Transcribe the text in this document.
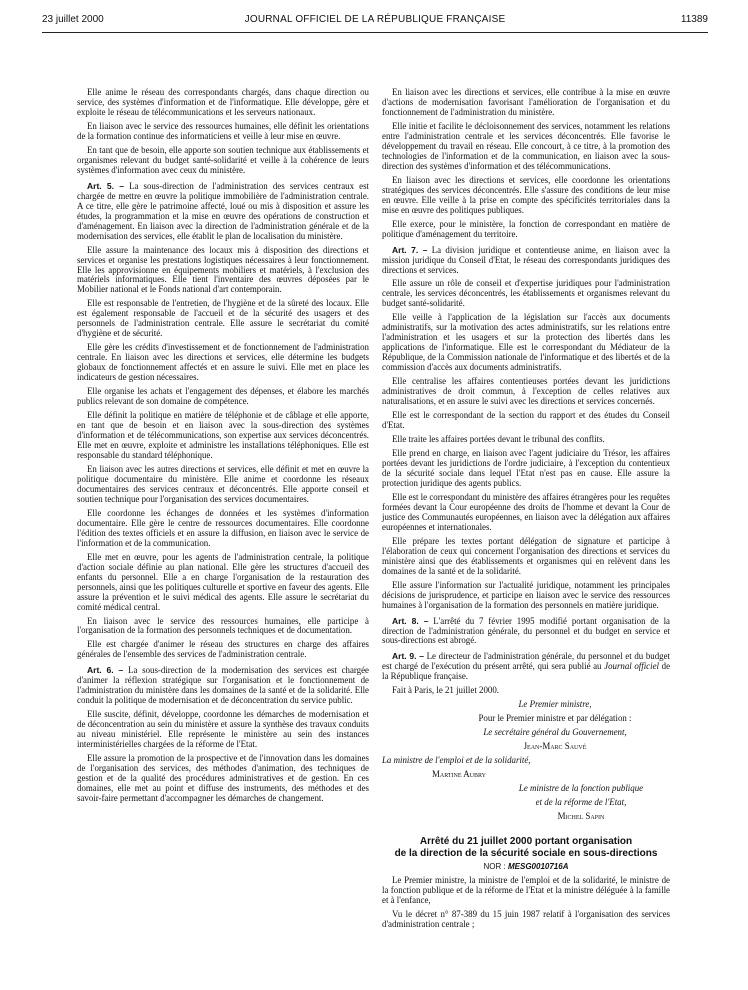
23 juillet 2000	JOURNAL OFFICIEL DE LA RÉPUBLIQUE FRANÇAISE	11389

Elle anime le réseau des correspondants chargés, dans chaque direction ou service, des systèmes d'information et de l'informatique. Elle développe, gère et exploite le réseau de télécommunications et les serveurs nationaux.

En liaison avec le service des ressources humaines, elle définit les orientations de la formation continue des informaticiens et veille à leur mise en œuvre.

En tant que de besoin, elle apporte son soutien technique aux établissements et organismes relevant du budget santé-solidarité et veille à la cohérence de leurs systèmes d'information avec ceux du ministère.

Art. 5. – La sous-direction de l'administration des services centraux est chargée de mettre en œuvre la politique immobilière de l'administration centrale. A ce titre, elle gère le patrimoine affecté, loué ou mis à disposition et assure les études, la programmation et la mise en œuvre des opérations de construction et d'aménagement. En liaison avec la direction de l'administration générale et de la modernisation des services, elle établit le plan de localisation du ministère.

Elle assure la maintenance des locaux mis à disposition des directions et services et organise les prestations logistiques nécessaires à leur fonctionnement. Elle les approvisionne en équipements mobiliers et matériels, à l'exclusion des matériels informatiques. Elle tient l'inventaire des œuvres déposées par le Mobilier national et le Fonds national d'art contemporain.

Elle est responsable de l'entretien, de l'hygiène et de la sûreté des locaux. Elle est également responsable de l'accueil et de la sécurité des usagers et des personnels de l'administration centrale. Elle assure le secrétariat du comité d'hygiène et de sécurité.

Elle gère les crédits d'investissement et de fonctionnement de l'administration centrale. En liaison avec les directions et services, elle détermine les budgets globaux de fonctionnement affectés et en assure le suivi. Elle met en place les indicateurs de gestion nécessaires.

Elle organise les achats et l'engagement des dépenses, et élabore les marchés publics relevant de son domaine de compétence.

Elle définit la politique en matière de téléphonie et de câblage et elle apporte, en tant que de besoin et en liaison avec la sous-direction des systèmes d'information et de télécommunications, son expertise aux services déconcentrés. Elle met en œuvre, exploite et administre les installations téléphoniques. Elle est responsable du standard téléphonique.

En liaison avec les autres directions et services, elle définit et met en œuvre la politique documentaire du ministère. Elle anime et coordonne les réseaux documentaires des services centraux et déconcentrés. Elle apporte conseil et soutien technique pour l'organisation des services documentaires.

Elle coordonne les échanges de données et les systèmes d'information documentaire. Elle gère le centre de ressources documentaires. Elle coordonne l'édition des textes officiels et en assure la diffusion, en liaison avec le service de l'information et de la communication.

Elle met en œuvre, pour les agents de l'administration centrale, la politique d'action sociale définie au plan national. Elle gère les structures d'accueil des enfants du personnel. Elle a en charge l'organisation de la restauration des personnels, ainsi que les politiques culturelle et sportive en faveur des agents. Elle assure la prévention et le suivi médical des agents. Elle assure le secrétariat du comité médical central.

En liaison avec le service des ressources humaines, elle participe à l'organisation de la formation des personnels techniques et de documentation.

Elle est chargée d'animer le réseau des structures en charge des affaires générales de l'ensemble des services de l'administration centrale.

Art. 6. – La sous-direction de la modernisation des services est chargée d'animer la réflexion stratégique sur l'organisation et le fonctionnement de l'administration du ministère dans les domaines de la santé et de la solidarité. Elle conduit la politique de modernisation et de déconcentration du service public.

Elle suscite, définit, développe, coordonne les démarches de modernisation et de déconcentration au sein du ministère et assure la synthèse des travaux conduits au niveau ministériel. Elle représente le ministère au sein des instances interministérielles chargées de la réforme de l'Etat.

Elle assure la promotion de la prospective et de l'innovation dans les domaines de l'organisation des services, des méthodes d'animation, des techniques de gestion et de la qualité des procédures administratives et de gestion. En ces domaines, elle met au point et diffuse des instruments, des méthodes et des savoir-faire permettant d'accompagner les démarches de changement.

En liaison avec les directions et services, elle contribue à la mise en œuvre d'actions de modernisation favorisant l'amélioration de l'organisation et du fonctionnement de l'administration du ministère.

Elle initie et facilite le décloisonnement des services, notamment les relations entre l'administration centrale et les services déconcentrés. Elle favorise le développement du travail en réseau. Elle concourt, à ce titre, à la promotion des technologies de l'information et de la communication, en liaison avec la sous-direction des systèmes d'information et des télécommunications.

En liaison avec les directions et services, elle coordonne les orientations stratégiques des services déconcentrés. Elle s'assure des conditions de leur mise en œuvre. Elle veille à la prise en compte des spécificités territoriales dans la mise en œuvre des politiques publiques.

Elle exerce, pour le ministère, la fonction de correspondant en matière de politique d'aménagement du territoire.

Art. 7. – La division juridique et contentieuse anime, en liaison avec la mission juridique du Conseil d'Etat, le réseau des correspondants juridiques des directions et services.

Elle assure un rôle de conseil et d'expertise juridiques pour l'administration centrale, les services déconcentrés, les établissements et organismes relevant du budget santé-solidarité.

Elle veille à l'application de la législation sur l'accès aux documents administratifs, sur la motivation des actes administratifs, sur les relations entre l'administration et les usagers et sur la protection des libertés dans les applications de l'informatique. Elle est le correspondant du Médiateur de la République, de la Commission nationale de l'informatique et des libertés et de la commission d'accès aux documents administratifs.

Elle centralise les affaires contentieuses portées devant les juridictions administratives de droit commun, à l'exception de celles relatives aux naturalisations, et en assure le suivi avec les directions et services concernés.

Elle est le correspondant de la section du rapport et des études du Conseil d'Etat.

Elle traite les affaires portées devant le tribunal des conflits.

Elle prend en charge, en liaison avec l'agent judiciaire du Trésor, les affaires portées devant les juridictions de l'ordre judiciaire, à l'exception du contentieux de la sécurité sociale dans lequel l'Etat n'est pas en cause. Elle assure la protection juridique des agents publics.

Elle est le correspondant du ministère des affaires étrangères pour les requêtes formées devant la Cour européenne des droits de l'homme et devant la Cour de justice des Communautés européennes, en liaison avec la délégation aux affaires européennes et internationales.

Elle prépare les textes portant délégation de signature et participe à l'élaboration de ceux qui concernent l'organisation des directions et services du ministère ainsi que des établissements et organismes qui en relèvent dans les domaines de la santé et de la solidarité.

Elle assure l'information sur l'actualité juridique, notamment les principales décisions de jurisprudence, et participe en liaison avec le service des ressources humaines à l'organisation de la formation des personnels en matière juridique.

Art. 8. – L'arrêté du 7 février 1995 modifié portant organisation de la direction de l'administration générale, du personnel et du budget en service et sous-directions est abrogé.

Art. 9. – Le directeur de l'administration générale, du personnel et du budget est chargé de l'exécution du présent arrêté, qui sera publié au Journal officiel de la République française.

Fait à Paris, le 21 juillet 2000.

Le Premier ministre,

Pour le Premier ministre et par délégation :

Le secrétaire général du Gouvernement,

Jean-Marc Sauvé

La ministre de l'emploi et de la solidarité,

Martine Aubry

Le ministre de la fonction publique

et de la réforme de l'Etat,

Michel Sapin

Arrêté du 21 juillet 2000 portant organisation
de la direction de la sécurité sociale en sous-directions

NOR : MESG0010716A

Le Premier ministre, la ministre de l'emploi et de la solidarité, le ministre de la fonction publique et de la réforme de l'Etat et la ministre déléguée à la famille et à l'enfance,

Vu le décret n° 87-389 du 15 juin 1987 relatif à l'organisation des services d'administration centrale ;
